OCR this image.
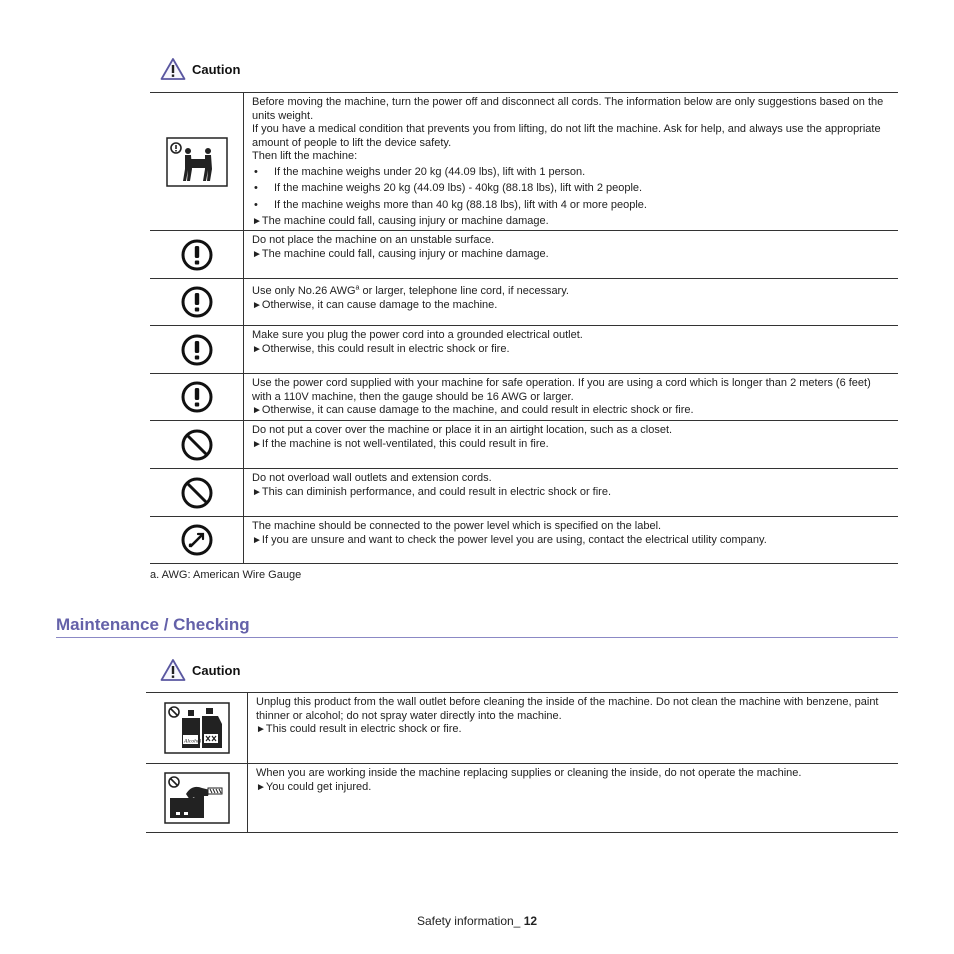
Caution

Before moving the machine, turn the power off and disconnect all cords. The information below are only suggestions based on the units weight.

If you have a medical condition that prevents you from lifting, do not lift the machine. Ask for help, and always use the appropriate amount of people to lift the device safety.

Then lift the machine:

• If the machine weighs under 20 kg (44.09 lbs), lift with 1 person.
• If the machine weighs 20 kg (44.09 lbs) - 40kg (88.18 lbs), lift with 2 people.
• If the machine weighs more than 40 kg (88.18 lbs), lift with 4 or more people.
► The machine could fall, causing injury or machine damage.

Do not place the machine on an unstable surface.

► The machine could fall, causing injury or machine damage.

Use only No.26 AWG$^a$ or larger, telephone line cord, if necessary.

► Otherwise, it can cause damage to the machine.

Make sure you plug the power cord into a grounded electrical outlet.

► Otherwise, this could result in electric shock or fire.

Use the power cord supplied with your machine for safe operation. If you are using a cord which is longer than 2 meters (6 feet) with a 110V machine, then the gauge should be 16 AWG or larger.

► Otherwise, it can cause damage to the machine, and could result in electric shock or fire.

Do not put a cover over the machine or place it in an airtight location, such as a closet.

► If the machine is not well-ventilated, this could result in fire.

Do not overload wall outlets and extension cords.

► This can diminish performance, and could result in electric shock or fire.

The machine should be connected to the power level which is specified on the label.

► If you are unsure and want to check the power level you are using, contact the electrical utility company.
a. AWG: American Wire Gauge
Maintenance / Checking
Caution
Alcohol

Unplug this product from the wall outlet before cleaning the inside of the machine. Do not clean the machine with benzene, paint thinner or alcohol; do not spray water directly into the machine.

► This could result in electric shock or fire.

When you are working inside the machine replacing supplies or cleaning the inside, do not operate the machine.

► You could get injured.
Safety information_ 12
